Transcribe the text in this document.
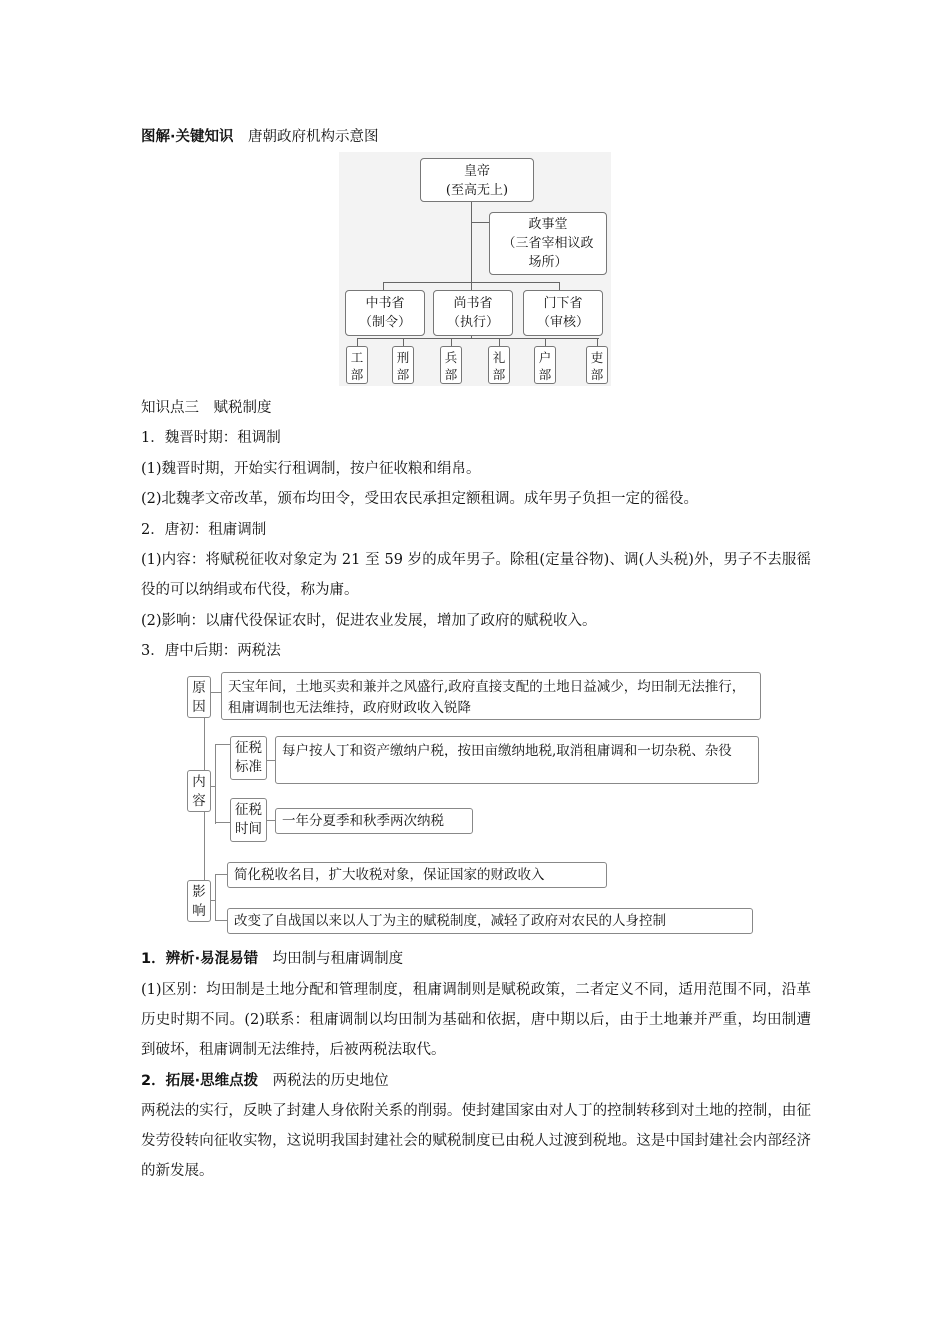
图解·关键知识　 唐朝政府机构示意图
皇帝
(至高无上)
政事堂
（三省宰相议政
场所）
中书省
（制令）
尚书省
（执行）
门下省
（审核）
工
部
刑
部
兵
部
礼
部
户
部
吏
部
知识点三　赋税制度
1．魏晋时期：租调制
(1)魏晋时期，开始实行租调制，按户征收粮和绢帛。
(2)北魏孝文帝改革，颁布均田令，受田农民承担定额租调。成年男子负担一定的徭役。
2．唐初：租庸调制

(1)内容：将赋税征收对象定为 21 至 59 岁的成年男子。除租(定量谷物)、调(人头税)外，男子不去服徭役的可以纳绢或布代役，称为庸。

(2)影响：以庸代役保证农时，促进农业发展，增加了政府的赋税收入。
3．唐中后期：两税法
原
因
天宝年间，土地买卖和兼并之风盛行,政府直接支配的土地日益减少，均田制无法推行，租庸调制也无法维持，政府财政收入锐降
内
容
征税
标准
每户按人丁和资产缴纳户税，按田亩缴纳地税,取消租庸调和一切杂税、杂役
征税
时间	一年分夏季和秋季两次纳税
影
响
简化税收名目，扩大收税对象，保证国家的财政收入
改变了自战国以来以人丁为主的赋税制度，减轻了政府对农民的人身控制
1．辨析·易混易错　 均田制与租庸调制度

(1)区别：均田制是土地分配和管理制度，租庸调制则是赋税政策，二者定义不同，适用范围不同，沿革历史时期不同。(2)联系：租庸调制以均田制为基础和依据，唐中期以后，由于土地兼并严重，均田制遭到破坏，租庸调制无法维持，后被两税法取代。

2．拓展·思维点拨　 两税法的历史地位

两税法的实行，反映了封建人身依附关系的削弱。使封建国家由对人丁的控制转移到对土地的控制，由征发劳役转向征收实物，这说明我国封建社会的赋税制度已由税人过渡到税地。这是中国封建社会内部经济的新发展。
